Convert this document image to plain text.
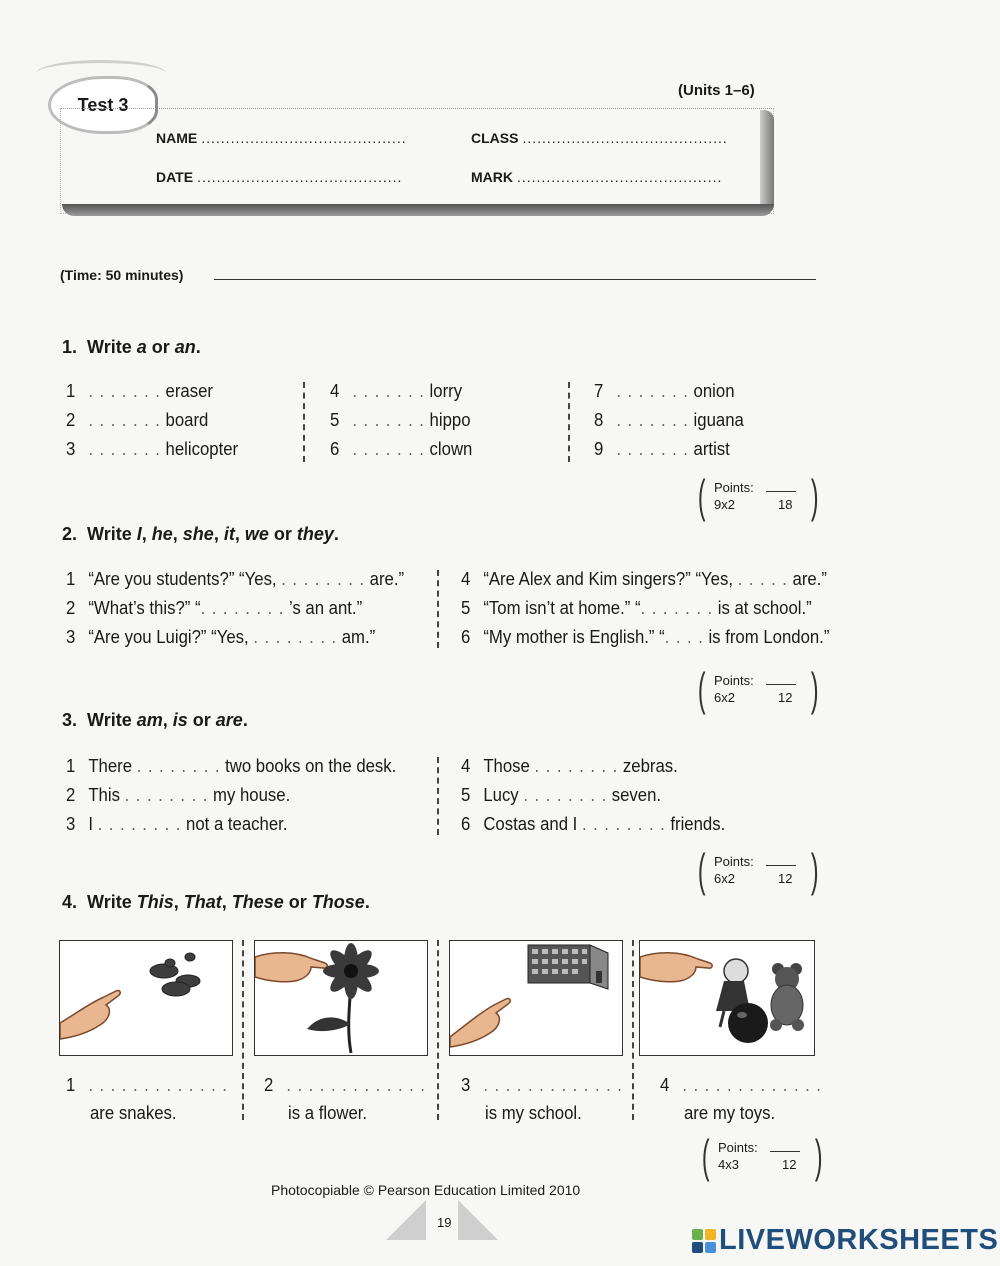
Test 3
(Units 1–6)
NAME ..........................................	CLASS ..........................................
DATE ..........................................	MARK ..........................................
(Time: 50 minutes)
1. Write a or an.
1 . . . . . . . eraser
2 . . . . . . . board
3 . . . . . . . helicopter
4 . . . . . . . lorry
5 . . . . . . . hippo
6 . . . . . . . clown
7 . . . . . . . onion
8 . . . . . . . iguana
9 . . . . . . . artist
( Points:
9x2	18 )
2. Write I, he, she, it, we or they.
1 “Are you students?” “Yes, . . . . . . . . are.”
2 “What’s this?” “. . . . . . . . ’s an ant.”
3 “Are you Luigi?” “Yes, . . . . . . . . am.”
4 “Are Alex and Kim singers?” “Yes, . . . . . are.”
5 “Tom isn’t at home.” “. . . . . . . is at school.”
6 “My mother is English.” “. . . . is from London.”
( Points:
6x2	12 )
3. Write am, is or are.
1 There . . . . . . . . two books on the desk.
2 This . . . . . . . . my house.
3 I . . . . . . . . not a teacher.
4 Those . . . . . . . . zebras.
5 Lucy . . . . . . . . seven.
6 Costas and I . . . . . . . . friends.
( Points:
6x2	12 )
4. Write This, That, These or Those.
1 . . . . . . . . . . . . .
are snakes.
2 . . . . . . . . . . . . .
is a flower.
3 . . . . . . . . . . . . .
is my school.
4 . . . . . . . . . . . . .
are my toys.
( Points:
4x3	12 )
Photocopiable © Pearson Education Limited 2010
19
LIVEWORKSHEETS
